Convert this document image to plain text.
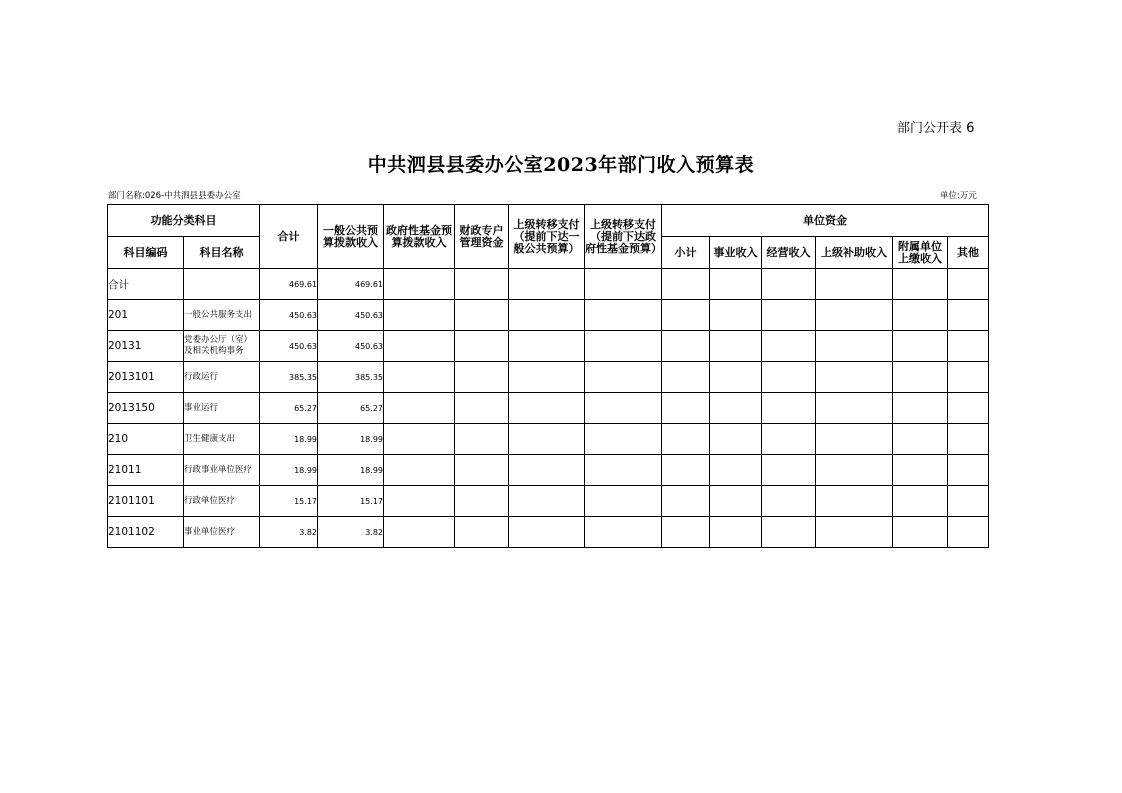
部门公开表 6
中共泗县县委办公室2023年部门收入预算表
部门名称:026-中共泗县县委办公室	单位:万元
功能分类科目		合计	一般公共预算拨款收入	政府性基金预算拨款收入	财政专户管理资金	上级转移支付（提前下达一般公共预算）	上级转移支付（提前下达政府性基金预算）	单位资金					
科目编码	科目名称							小计	事业收入	经营收入	上级补助收入	附属单位上缴收入	其他
合计		469.61	469.61										
201	一般公共服务支出	450.63	450.63										
20131	党委办公厅（室）及相关机构事务	450.63	450.63										
2013101	行政运行	385.35	385.35										
2013150	事业运行	65.27	65.27										
210	卫生健康支出	18.99	18.99										
21011	行政事业单位医疗	18.99	18.99										
2101101	行政单位医疗	15.17	15.17										
2101102	事业单位医疗	3.82	3.82										
